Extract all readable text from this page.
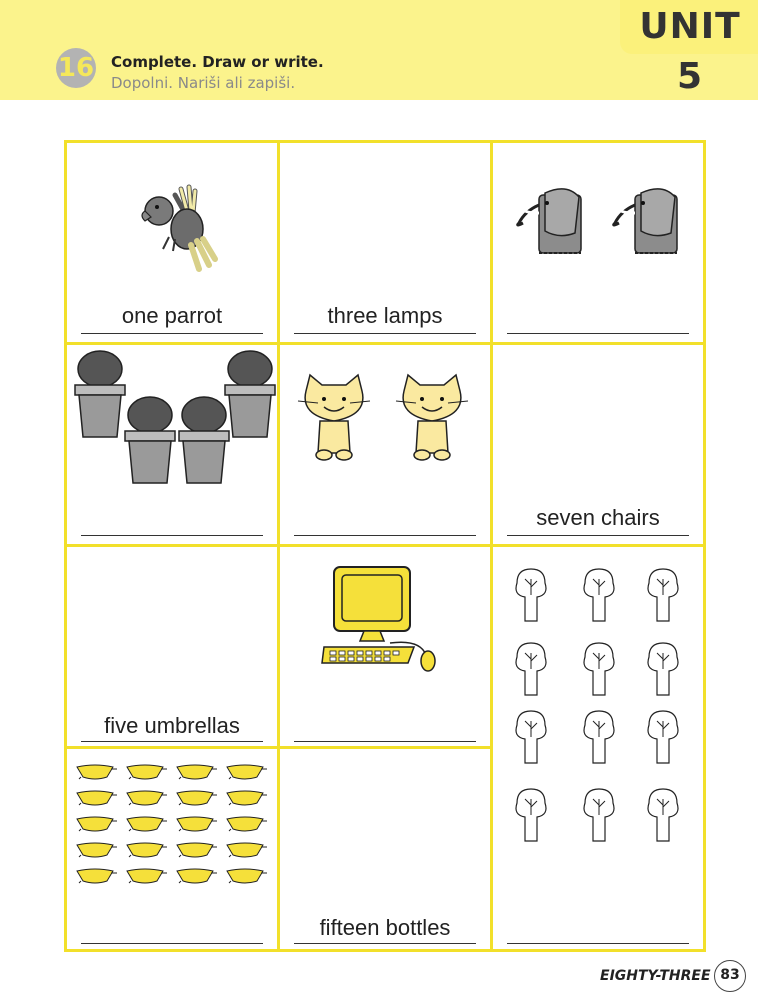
UNIT 5
16 Complete. Draw or write.
Dopolni. Nariši ali zapiši.
one parrot	three lamps
seven chairs
five umbrellas
fifteen bottles
EIGHTY-THREE 83
